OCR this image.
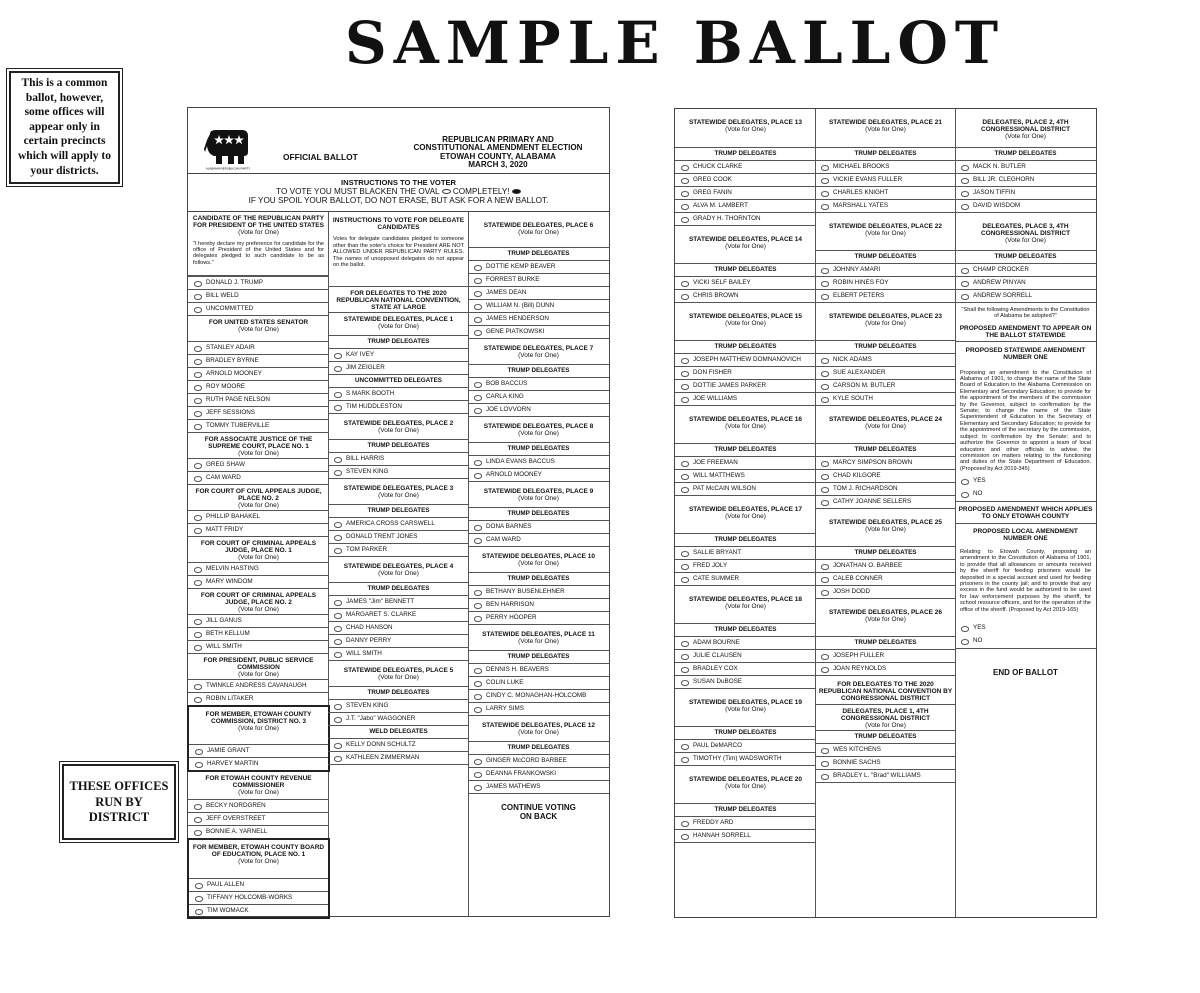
SAMPLE BALLOT
This is a common ballot, however, some offices will appear only in certain precincts which will apply to your districts.
THESE OFFICES RUN BY DISTRICT
ALABAMA REPUBLICAN PARTY
OFFICIAL BALLOT
REPUBLICAN PRIMARY AND
CONSTITUTIONAL AMENDMENT ELECTION
ETOWAH COUNTY, ALABAMA
MARCH 3, 2020
INSTRUCTIONS TO THE VOTER
TO VOTE YOU MUST BLACKEN THE OVAL COMPLETELY!
IF YOU SPOIL YOUR BALLOT, DO NOT ERASE, BUT ASK FOR A NEW BALLOT.
CANDIDATE OF THE REPUBLICAN PARTY FOR PRESIDENT OF THE UNITED STATES
(Vote for One)
"I hereby declare my preference for candidate for the office of President of the United States and for delegates pledged to such candidate to be as follows."
DONALD J. TRUMP
BILL WELD
UNCOMMITTED
FOR UNITED STATES SENATOR
(Vote for One)
STANLEY ADAIR
BRADLEY BYRNE
ARNOLD MOONEY
ROY MOORE
RUTH PAGE NELSON
JEFF SESSIONS
TOMMY TUBERVILLE
FOR ASSOCIATE JUSTICE OF THE SUPREME COURT, PLACE NO. 1
(Vote for One)
GREG SHAW
CAM WARD
FOR COURT OF CIVIL APPEALS JUDGE, PLACE NO. 2
(Vote for One)
PHILLIP BAHAKEL
MATT FRIDY
FOR COURT OF CRIMINAL APPEALS JUDGE, PLACE NO. 1
(Vote for One)
MELVIN HASTING
MARY WINDOM
FOR COURT OF CRIMINAL APPEALS JUDGE, PLACE NO. 2
(Vote for One)
JILL GANUS
BETH KELLUM
WILL SMITH
FOR PRESIDENT, PUBLIC SERVICE COMMISSION
(Vote for One)
TWINKLE ANDRESS CAVANAUGH
ROBIN LITAKER
FOR MEMBER, ETOWAH COUNTY COMMISSION, DISTRICT NO. 3
(Vote for One)
JAMIE GRANT
HARVEY MARTIN
FOR ETOWAH COUNTY REVENUE COMMISSIONER
(Vote for One)
BECKY NORDGREN
JEFF OVERSTREET
BONNIE A. YARNELL
FOR MEMBER, ETOWAH COUNTY BOARD OF EDUCATION, PLACE NO. 1
(Vote for One)
PAUL ALLEN
TIFFANY HOLCOMB-WORKS
TIM WOMACK
INSTRUCTIONS TO VOTE FOR DELEGATE CANDIDATES
Votes for delegate candidates pledged to someone other than the voter's choice for President ARE NOT ALLOWED UNDER REPUBLICAN PARTY RULES. The names of unopposed delegates do not appear on the ballot.
FOR DELEGATES TO THE 2020 REPUBLICAN NATIONAL CONVENTION, STATE AT LARGE
STATEWIDE DELEGATES, PLACE 1
(Vote for One)
TRUMP DELEGATES
KAY IVEY
JIM ZEIGLER
UNCOMMITTED DELEGATES
S MARK BOOTH
TIM HUDDLESTON
STATEWIDE DELEGATES, PLACE 2
(Vote for One)
TRUMP DELEGATES
BILL HARRIS
STEVEN KING
STATEWIDE DELEGATES, PLACE 3
(Vote for One)
TRUMP DELEGATES
AMERICA CROSS CARSWELL
DONALD TRENT JONES
TOM PARKER
STATEWIDE DELEGATES, PLACE 4
(Vote for One)
TRUMP DELEGATES
JAMES "Jim" BENNETT
MARGARET S. CLARKE
CHAD HANSON
DANNY PERRY
WILL SMITH
STATEWIDE DELEGATES, PLACE 5
(Vote for One)
TRUMP DELEGATES
STEVEN KING
J.T. "Jabo" WAGGONER
WELD DELEGATES
KELLY DONN SCHULTZ
KATHLEEN ZIMMERMAN
STATEWIDE DELEGATES, PLACE 6
(Vote for One)
TRUMP DELEGATES
DOTTIE KEMP BEAVER
FORREST BURKE
JAMES DEAN
WILLIAM N. (Bill) DUNN
JAMES HENDERSON
GENE PIATKOWSKI
STATEWIDE DELEGATES, PLACE 7
(Vote for One)
TRUMP DELEGATES
BOB BACCUS
CARLA KING
JOE LOVVORN
STATEWIDE DELEGATES, PLACE 8
(Vote for One)
TRUMP DELEGATES
LINDA EVANS BACCUS
ARNOLD MOONEY
STATEWIDE DELEGATES, PLACE 9
(Vote for One)
TRUMP DELEGATES
DONA BARNES
CAM WARD
STATEWIDE DELEGATES, PLACE 10
(Vote for One)
TRUMP DELEGATES
BETHANY BUSENLEHNER
BEN HARRISON
PERRY HOOPER
STATEWIDE DELEGATES, PLACE 11
(Vote for One)
TRUMP DELEGATES
DENNIS H. BEAVERS
COLIN LUKE
CINDY C. MONAGHAN-HOLCOMB
LARRY SIMS
STATEWIDE DELEGATES, PLACE 12
(Vote for One)
TRUMP DELEGATES
GINGER McCORD BARBEE
DEANNA FRANKOWSKI
JAMES MATHEWS
CONTINUE VOTING ON BACK
STATEWIDE DELEGATES, PLACE 13
(Vote for One)
TRUMP DELEGATES
CHUCK CLARKE
GREG COOK
GREG FANIN
ALVA M. LAMBERT
GRADY H. THORNTON
STATEWIDE DELEGATES, PLACE 14
(Vote for One)
TRUMP DELEGATES
VICKI SELF BAILEY
CHRIS BROWN
STATEWIDE DELEGATES, PLACE 15
(Vote for One)
TRUMP DELEGATES
JOSEPH MATTHEW DOMNANOVICH
DON FISHER
DOTTIE JAMES PARKER
JOE WILLIAMS
STATEWIDE DELEGATES, PLACE 16
(Vote for One)
TRUMP DELEGATES
JOE FREEMAN
WILL MATTHEWS
PAT McCAIN WILSON
STATEWIDE DELEGATES, PLACE 17
(Vote for One)
TRUMP DELEGATES
SALLIE BRYANT
FRED JOLY
CATE SUMMER
STATEWIDE DELEGATES, PLACE 18
(Vote for One)
TRUMP DELEGATES
ADAM BOURNE
JULIE CLAUSEN
BRADLEY COX
SUSAN DuBOSE
STATEWIDE DELEGATES, PLACE 19
(Vote for One)
TRUMP DELEGATES
PAUL DeMARCO
TIMOTHY (Tim) WADSWORTH
STATEWIDE DELEGATES, PLACE 20
(Vote for One)
TRUMP DELEGATES
FREDDY ARD
HANNAH SORRELL
STATEWIDE DELEGATES, PLACE 21
(Vote for One)
TRUMP DELEGATES
MICHAEL BROOKS
VICKIE EVANS FULLER
CHARLES KNIGHT
MARSHALL YATES
STATEWIDE DELEGATES, PLACE 22
(Vote for One)
TRUMP DELEGATES
JOHNNY AMARI
ROBIN HINES FOY
ELBERT PETERS
STATEWIDE DELEGATES, PLACE 23
(Vote for One)
TRUMP DELEGATES
NICK ADAMS
SUE ALEXANDER
CARSON M. BUTLER
KYLE SOUTH
STATEWIDE DELEGATES, PLACE 24
(Vote for One)
TRUMP DELEGATES
MARCY SIMPSON BROWN
CHAD KILGORE
TOM J. RICHARDSON
CATHY JOANNE SELLERS
STATEWIDE DELEGATES, PLACE 25
(Vote for One)
TRUMP DELEGATES
JONATHAN O. BARBEE
CALEB CONNER
JOSH DODD
STATEWIDE DELEGATES, PLACE 26
(Vote for One)
TRUMP DELEGATES
JOSEPH FULLER
JOAN REYNOLDS
FOR DELEGATES TO THE 2020 REPUBLICAN NATIONAL CONVENTION BY CONGRESSIONAL DISTRICT
DELEGATES, PLACE 1, 4TH CONGRESSIONAL DISTRICT
(Vote for One)
TRUMP DELEGATES
WES KITCHENS
BONNIE SACHS
BRADLEY L. "Brad" WILLIAMS
DELEGATES, PLACE 2, 4TH CONGRESSIONAL DISTRICT
(Vote for One)
TRUMP DELEGATES
MACK N. BUTLER
BILL JR. CLEGHORN
JASON TIFFIN
DAVID WISDOM
DELEGATES, PLACE 3, 4TH CONGRESSIONAL DISTRICT
(Vote for One)
TRUMP DELEGATES
CHAMP CROCKER
ANDREW PINYAN
ANDREW SORRELL
"Shall the following Amendments to the Constitution of Alabama be adopted?"
PROPOSED AMENDMENT TO APPEAR ON THE BALLOT STATEWIDE
PROPOSED STATEWIDE AMENDMENT NUMBER ONE
Proposing an amendment to the Constitution of Alabama of 1901, to change the name of the State Board of Education to the Alabama Commission on Elementary and Secondary Education; to provide for the appointment of the members of the commission by the Governor, subject to confirmation by the Senate; to change the name of the State Superintendent of Education to the Secretary of Elementary and Secondary Education; to provide for the appointment of the secretary by the commission, subject to confirmation by the Senate; and to authorize the Governor to appoint a team of local educators and other officials to advise the commission on matters relating to the functioning and duties of the State Department of Education. (Proposed by Act 2019-345)
YES
NO
PROPOSED AMENDMENT WHICH APPLIES TO ONLY ETOWAH COUNTY
PROPOSED LOCAL AMENDMENT NUMBER ONE
Relating to Etowah County, proposing an amendment to the Constitution of Alabama of 1901, to provide that all allowances or amounts received by the sheriff for feeding prisoners would be deposited in a special account and used for feeding prisoners in the county jail; and to provide that any excess in the fund would be authorized to be used for law enforcement purposes by the sheriff, for school resource officers, and for the operation of the office of the sheriff. (Proposed by Act 2019-165)
YES
NO
END OF BALLOT
